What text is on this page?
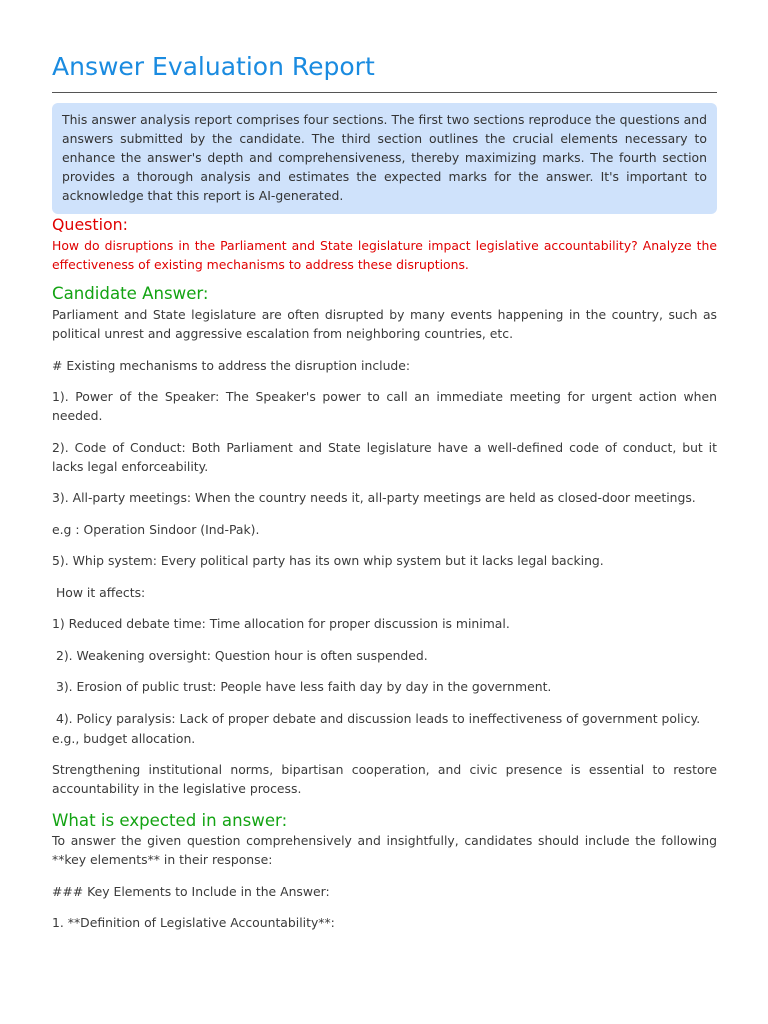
Answer Evaluation Report
This answer analysis report comprises four sections. The first two sections reproduce the questions and answers submitted by the candidate. The third section outlines the crucial elements necessary to enhance the answer's depth and comprehensiveness, thereby maximizing marks. The fourth section provides a thorough analysis and estimates the expected marks for the answer. It's important to acknowledge that this report is AI-generated.
Question:

How do disruptions in the Parliament and State legislature impact legislative accountability? Analyze the effectiveness of existing mechanisms to address these disruptions.

Candidate Answer:

Parliament and State legislature are often disrupted by many events happening in the country, such as political unrest and aggressive escalation from neighboring countries, etc.

# Existing mechanisms to address the disruption include:

1). Power of the Speaker: The Speaker's power to call an immediate meeting for urgent action when needed.

2). Code of Conduct: Both Parliament and State legislature have a well-defined code of conduct, but it lacks legal enforceability.

3). All-party meetings: When the country needs it, all-party meetings are held as closed-door meetings.

e.g : Operation Sindoor (Ind-Pak).

5). Whip system: Every political party has its own whip system but it lacks legal backing.

How it affects:

1) Reduced debate time: Time allocation for proper discussion is minimal.

2). Weakening oversight: Question hour is often suspended.

3). Erosion of public trust: People have less faith day by day in the government.

4). Policy paralysis: Lack of proper debate and discussion leads to ineffectiveness of government policy.

e.g., budget allocation.

Strengthening institutional norms, bipartisan cooperation, and civic presence is essential to restore accountability in the legislative process.

What is expected in answer:

To answer the given question comprehensively and insightfully, candidates should include the following **key elements** in their response:

### Key Elements to Include in the Answer:

1. **Definition of Legislative Accountability**:
